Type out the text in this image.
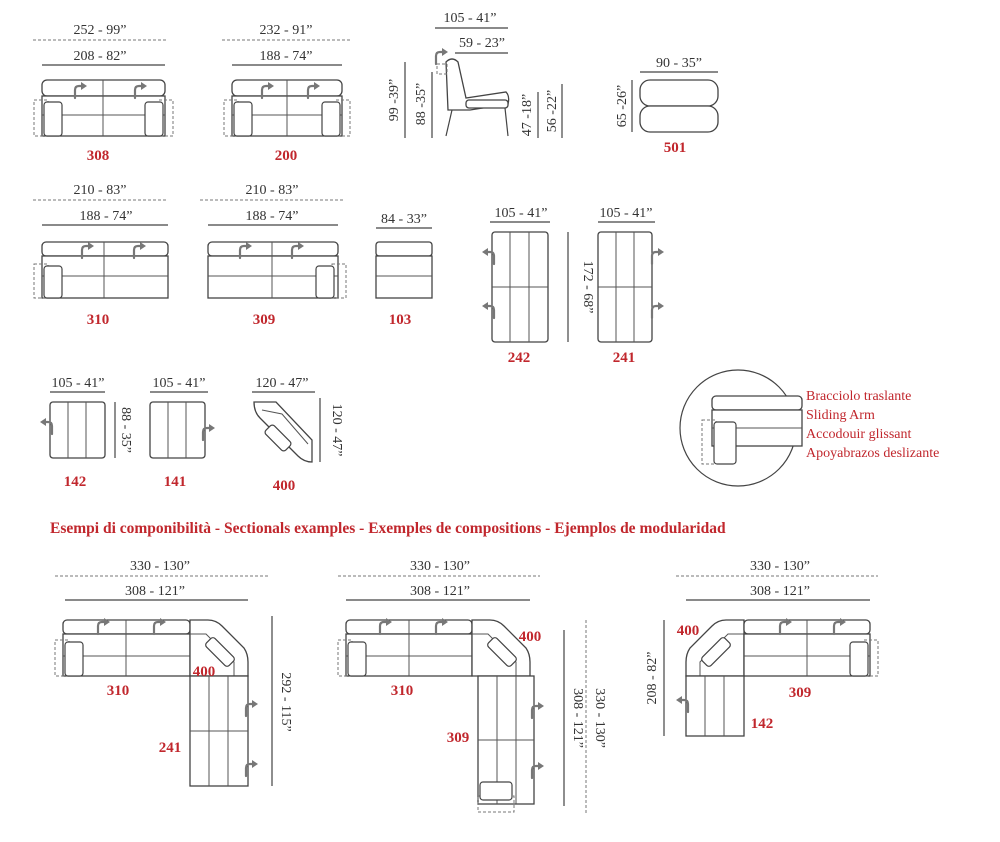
252 - 99”
208 - 82”
308
232 - 91”
188 - 74”
200
105 - 41”
59 - 23”
99 -39” 88 -35”	47 -18” 56 -22”
90 - 35”
65 -26”
501
210 - 83”
188 - 74”
310
210 - 83”
188 - 74”
309
84 - 33”
103
105 - 41”
242
105 - 41”
172 - 68”
241
105 - 41”
142
105 - 41”
88 - 35”
141
120 - 47”
120 - 47”
400
Bracciolo traslante
Sliding Arm
Accodouir glissant
Apoyabrazos deslizante
Esempi di componibilità - Sectionals examples - Exemples de compositions - Ejemplos de modularidad
330 - 130”
308 - 121”
292 - 115”
310
400
241
330 - 130”
308 - 121”
308 - 121” 330 - 130”
400
310
309
330 - 130”
308 - 121”
208 - 82”
400
309
142
